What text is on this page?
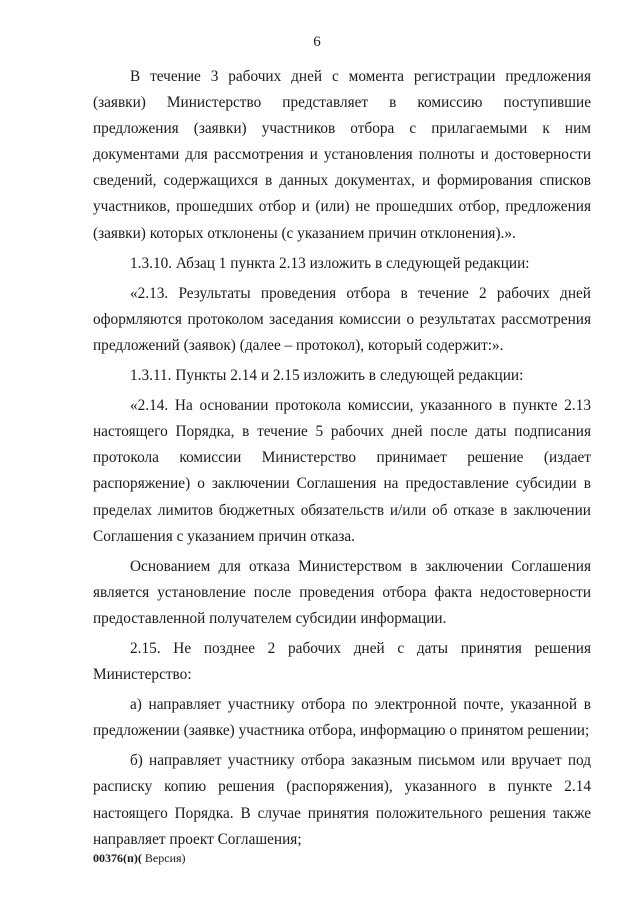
6

В течение 3 рабочих дней с момента регистрации предложения (заявки) Министерство представляет в комиссию поступившие предложения (заявки) участников отбора с прилагаемыми к ним документами для рассмотрения и установления полноты и достоверности сведений, содержащихся в данных документах, и формирования списков участников, прошедших отбор и (или) не прошедших отбор, предложения (заявки) которых отклонены (с указанием причин отклонения).».

1.3.10. Абзац 1 пункта 2.13 изложить в следующей редакции:

«2.13. Результаты проведения отбора в течение 2 рабочих дней оформляются протоколом заседания комиссии о результатах рассмотрения предложений (заявок) (далее – протокол), который содержит:».

1.3.11. Пункты 2.14 и 2.15 изложить в следующей редакции:

«2.14. На основании протокола комиссии, указанного в пункте 2.13 настоящего Порядка, в течение 5 рабочих дней после даты подписания протокола комиссии Министерство принимает решение (издает распоряжение) о заключении Соглашения на предоставление субсидии в пределах лимитов бюджетных обязательств и/или об отказе в заключении Соглашения с указанием причин отказа.

Основанием для отказа Министерством в заключении Соглашения является установление после проведения отбора факта недостоверности предоставленной получателем субсидии информации.

2.15. Не позднее 2 рабочих дней с даты принятия решения Министерство:

а) направляет участнику отбора по электронной почте, указанной в предложении (заявке) участника отбора, информацию о принятом решении;

б) направляет участнику отбора заказным письмом или вручает под расписку копию решения (распоряжения), указанного в пункте 2.14 настоящего Порядка. В случае принятия положительного решения также направляет проект Соглашения;

00376(п)( Версия)
